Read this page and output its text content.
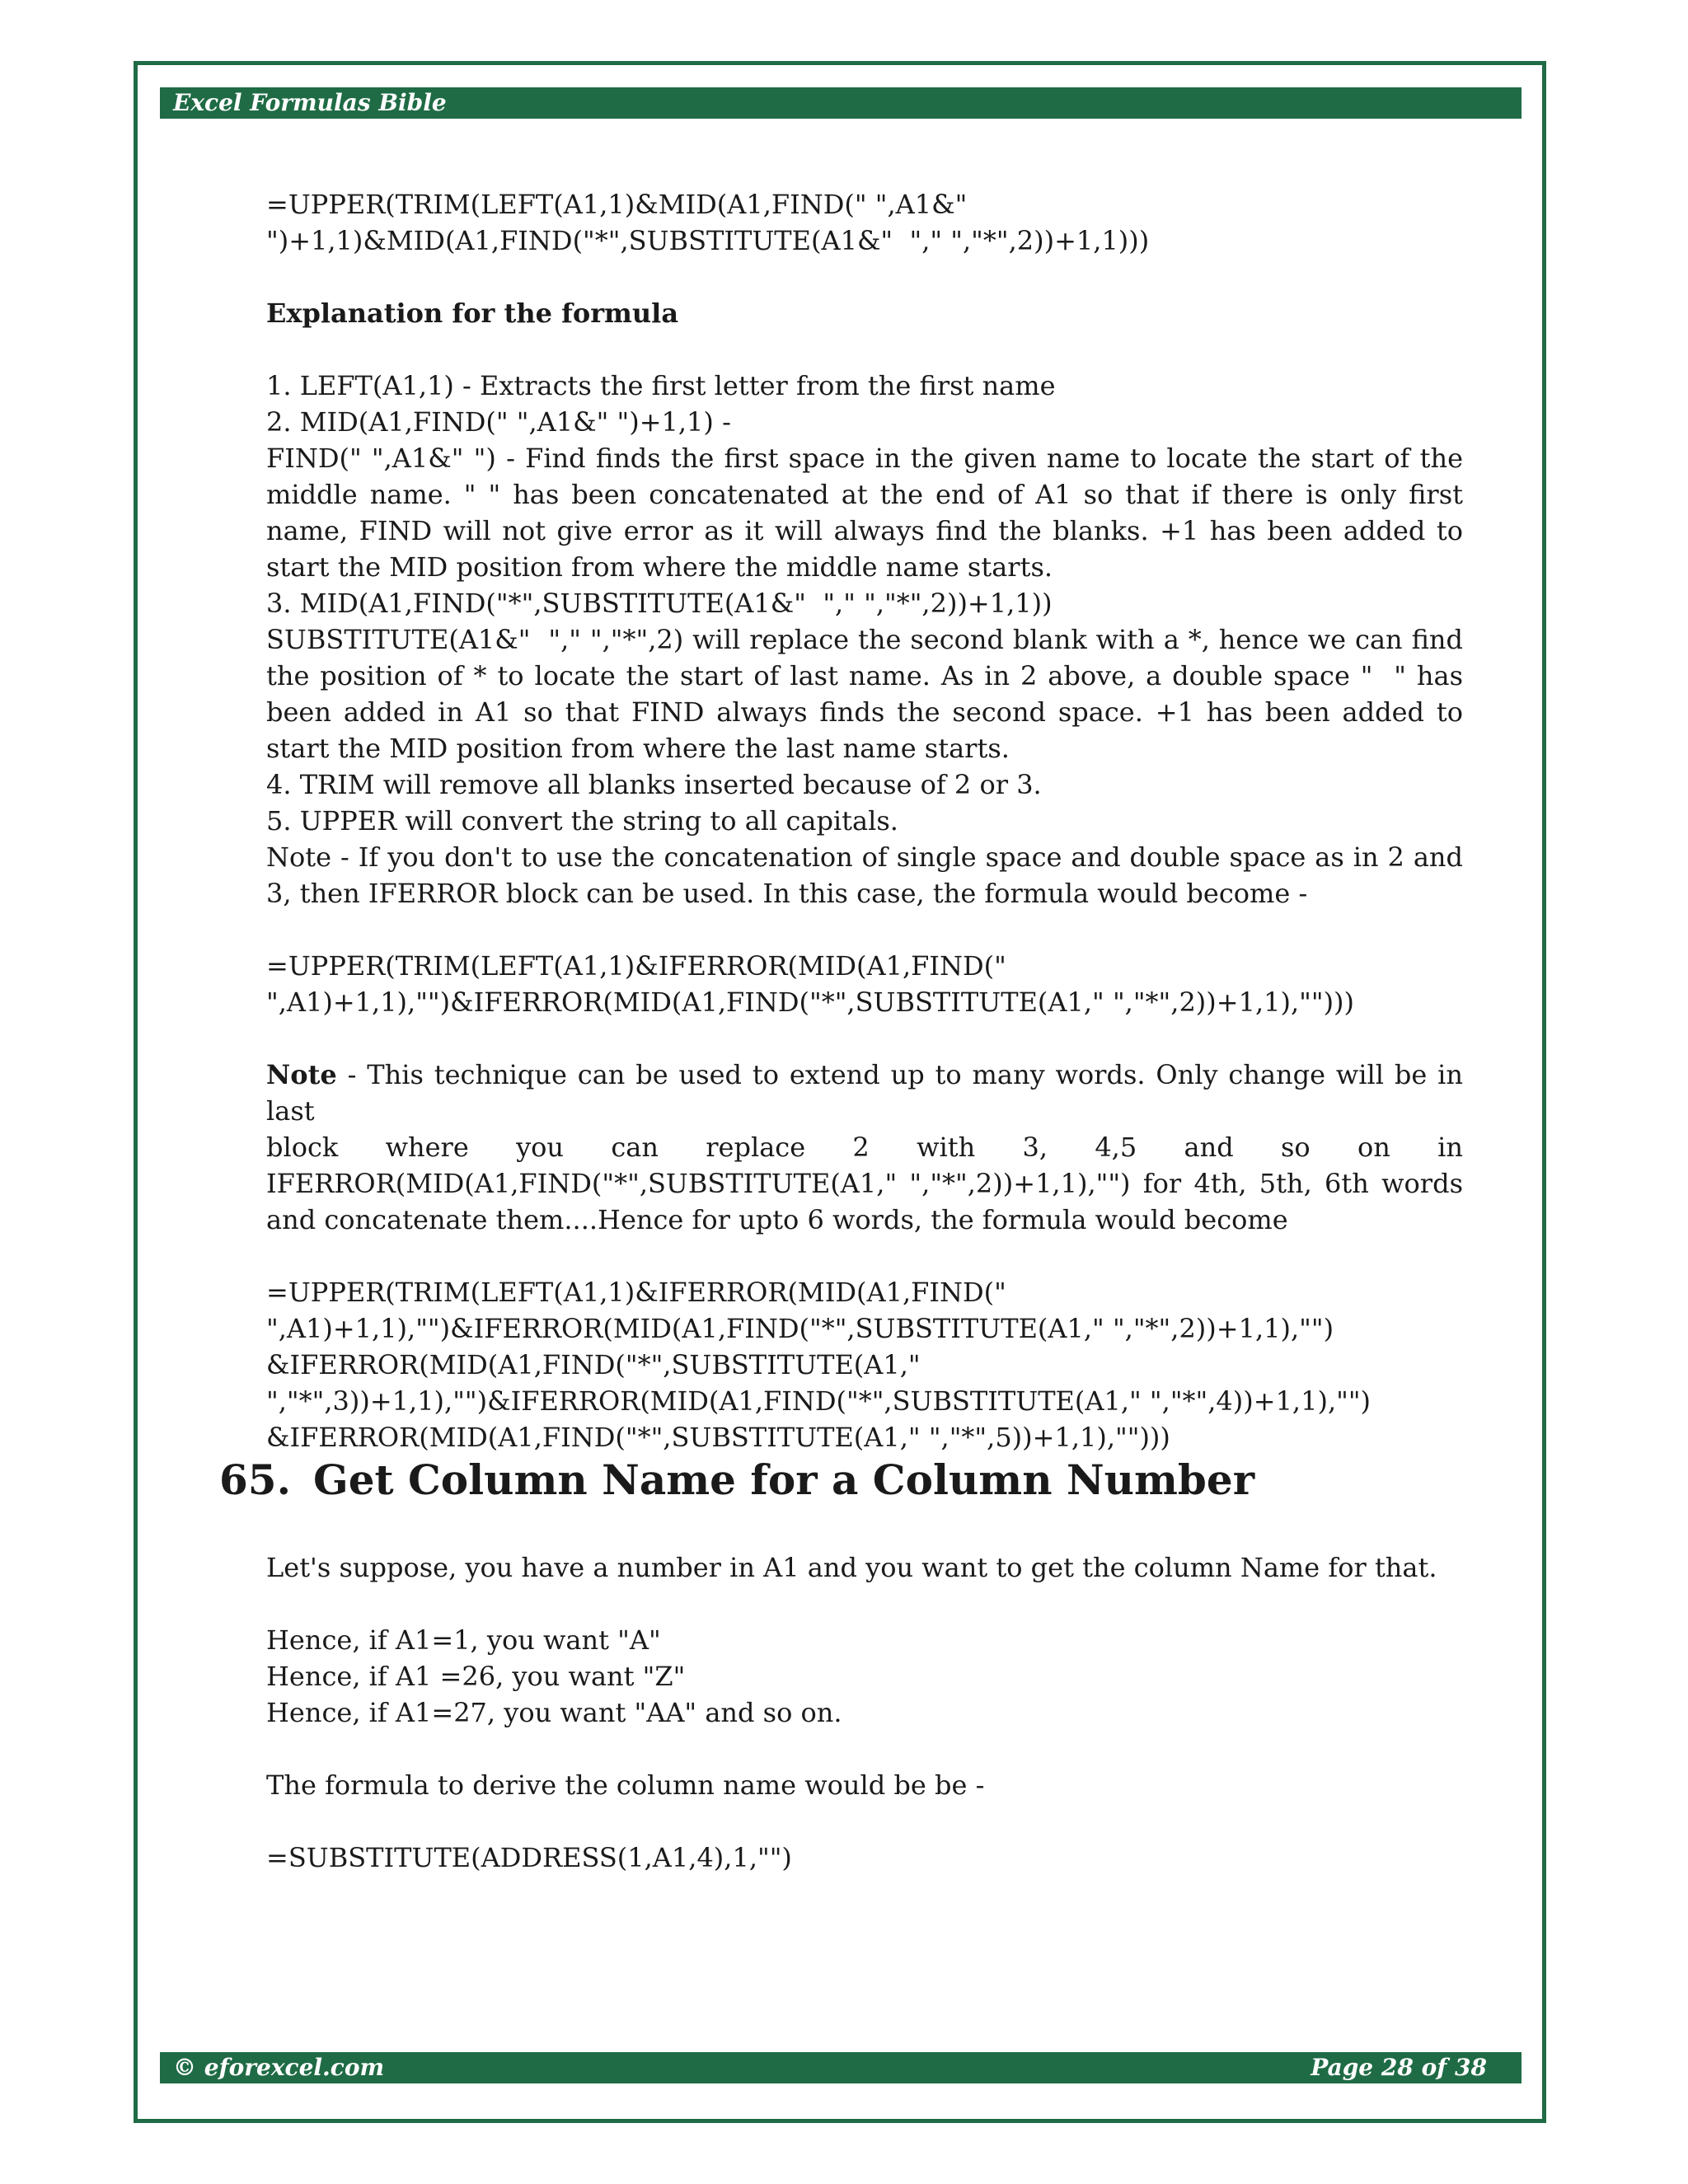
Excel Formulas Bible

=UPPER(TRIM(LEFT(A1,1)&MID(A1,FIND(" ",A1&"

")+1,1)&MID(A1,FIND("*",SUBSTITUTE(A1&"  "," ","*",2))+1,1)))

Explanation for the formula

1. LEFT(A1,1) - Extracts the first letter from the first name

2. MID(A1,FIND(" ",A1&" ")+1,1) -

FIND(" ",A1&" ") - Find finds the first space in the given name to locate the start of the middle name. " " has been concatenated at the end of A1 so that if there is only first name, FIND will not give error as it will always find the blanks. +1 has been added to start the MID position from where the middle name starts.

3. MID(A1,FIND("*",SUBSTITUTE(A1&"  "," ","*",2))+1,1))

SUBSTITUTE(A1&"  "," ","*",2) will replace the second blank with a *, hence we can find the position of * to locate the start of last name. As in 2 above, a double space "  " has been added in A1 so that FIND always finds the second space. +1 has been added to start the MID position from where the last name starts.

4. TRIM will remove all blanks inserted because of 2 or 3.

5. UPPER will convert the string to all capitals.

Note - If you don't to use the concatenation of single space and double space as in 2 and 3, then IFERROR block can be used. In this case, the formula would become -

=UPPER(TRIM(LEFT(A1,1)&IFERROR(MID(A1,FIND("

",A1)+1,1),"")&IFERROR(MID(A1,FIND("*",SUBSTITUTE(A1," ","*",2))+1,1),"")))

Note - This technique can be used to extend up to many words. Only change will be in last

block where you can replace 2 with 3, 4,5 and so on in

IFERROR(MID(A1,FIND("*",SUBSTITUTE(A1," ","*",2))+1,1),"") for 4th, 5th, 6th words and concatenate them....Hence for upto 6 words, the formula would become

=UPPER(TRIM(LEFT(A1,1)&IFERROR(MID(A1,FIND("

",A1)+1,1),"")&IFERROR(MID(A1,FIND("*",SUBSTITUTE(A1," ","*",2))+1,1),"")

&IFERROR(MID(A1,FIND("*",SUBSTITUTE(A1,"

","*",3))+1,1),"")&IFERROR(MID(A1,FIND("*",SUBSTITUTE(A1," ","*",4))+1,1),"")

&IFERROR(MID(A1,FIND("*",SUBSTITUTE(A1," ","*",5))+1,1),"")))

65. Get Column Name for a Column Number

Let's suppose, you have a number in A1 and you want to get the column Name for that.

Hence, if A1=1, you want "A"

Hence, if A1 =26, you want "Z"

Hence, if A1=27, you want "AA" and so on.

The formula to derive the column name would be be -

=SUBSTITUTE(ADDRESS(1,A1,4),1,"")

© eforexcel.com	Page 28 of 38
